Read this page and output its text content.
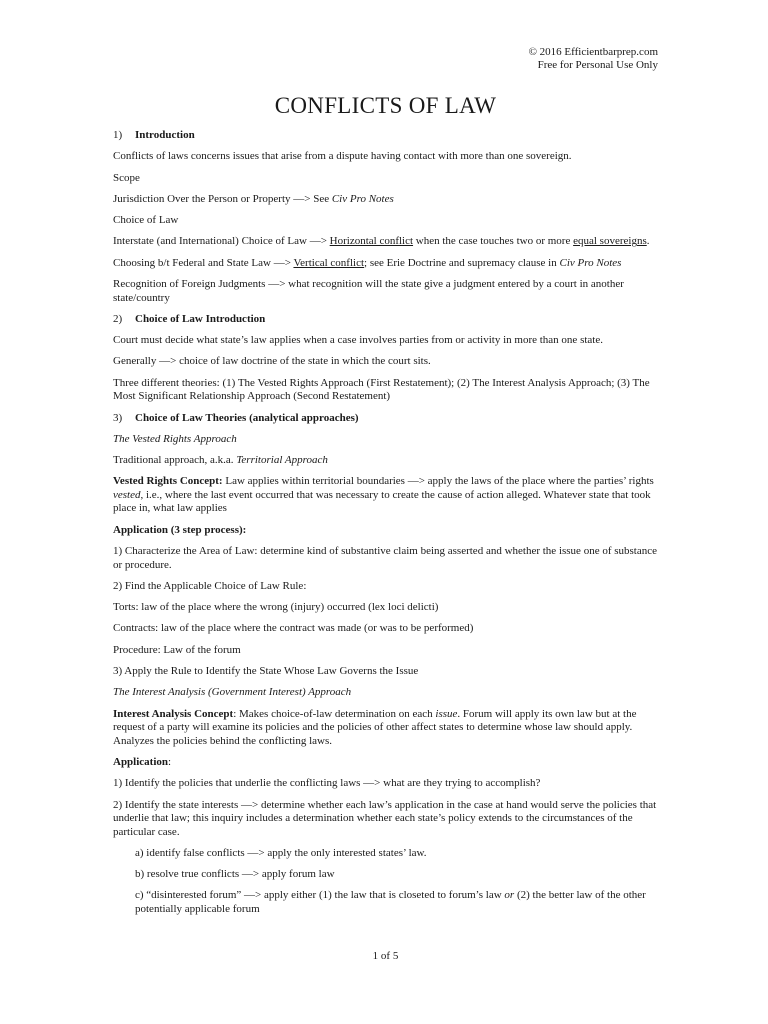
© 2016 Efficientbarprep.com
Free for Personal Use Only
CONFLICTS OF LAW

1) Introduction

Conflicts of laws concerns issues that arise from a dispute having contact with more than one sovereign.

Scope

Jurisdiction Over the Person or Property —> See Civ Pro Notes

Choice of Law

Interstate (and International) Choice of Law —> Horizontal conflict when the case touches two or more equal sovereigns.

Choosing b/t Federal and State Law —> Vertical conflict; see Erie Doctrine and supremacy clause in Civ Pro Notes

Recognition of Foreign Judgments —> what recognition will the state give a judgment entered by a court in another state/country

2) Choice of Law Introduction

Court must decide what state’s law applies when a case involves parties from or activity in more than one state.

Generally —> choice of law doctrine of the state in which the court sits.

Three different theories: (1) The Vested Rights Approach (First Restatement); (2) The Interest Analysis Approach; (3) The Most Significant Relationship Approach (Second Restatement)

3) Choice of Law Theories (analytical approaches)

The Vested Rights Approach

Traditional approach, a.k.a. Territorial Approach

Vested Rights Concept: Law applies within territorial boundaries —> apply the laws of the place where the parties’ rights vested, i.e., where the last event occurred that was necessary to create the cause of action alleged. Whatever state that took place in, what law applies

Application (3 step process):

1) Characterize the Area of Law: determine kind of substantive claim being asserted and whether the issue one of substance or procedure.

2) Find the Applicable Choice of Law Rule:

Torts: law of the place where the wrong (injury) occurred (lex loci delicti)

Contracts: law of the place where the contract was made (or was to be performed)

Procedure: Law of the forum

3) Apply the Rule to Identify the State Whose Law Governs the Issue

The Interest Analysis (Government Interest) Approach

Interest Analysis Concept: Makes choice-of-law determination on each issue. Forum will apply its own law but at the request of a party will examine its policies and the policies of other affect states to determine whose law should apply. Analyzes the policies behind the conflicting laws.

Application:

1) Identify the policies that underlie the conflicting laws —> what are they trying to accomplish?

2) Identify the state interests —> determine whether each law’s application in the case at hand would serve the policies that underlie that law; this inquiry includes a determination whether each state’s policy extends to the circumstances of the particular case.

a) identify false conflicts —> apply the only interested states’ law.

b) resolve true conflicts —> apply forum law

c) “disinterested forum” —> apply either (1) the law that is closeted to forum’s law or (2) the better law of the other potentially applicable forum

1 of 5
